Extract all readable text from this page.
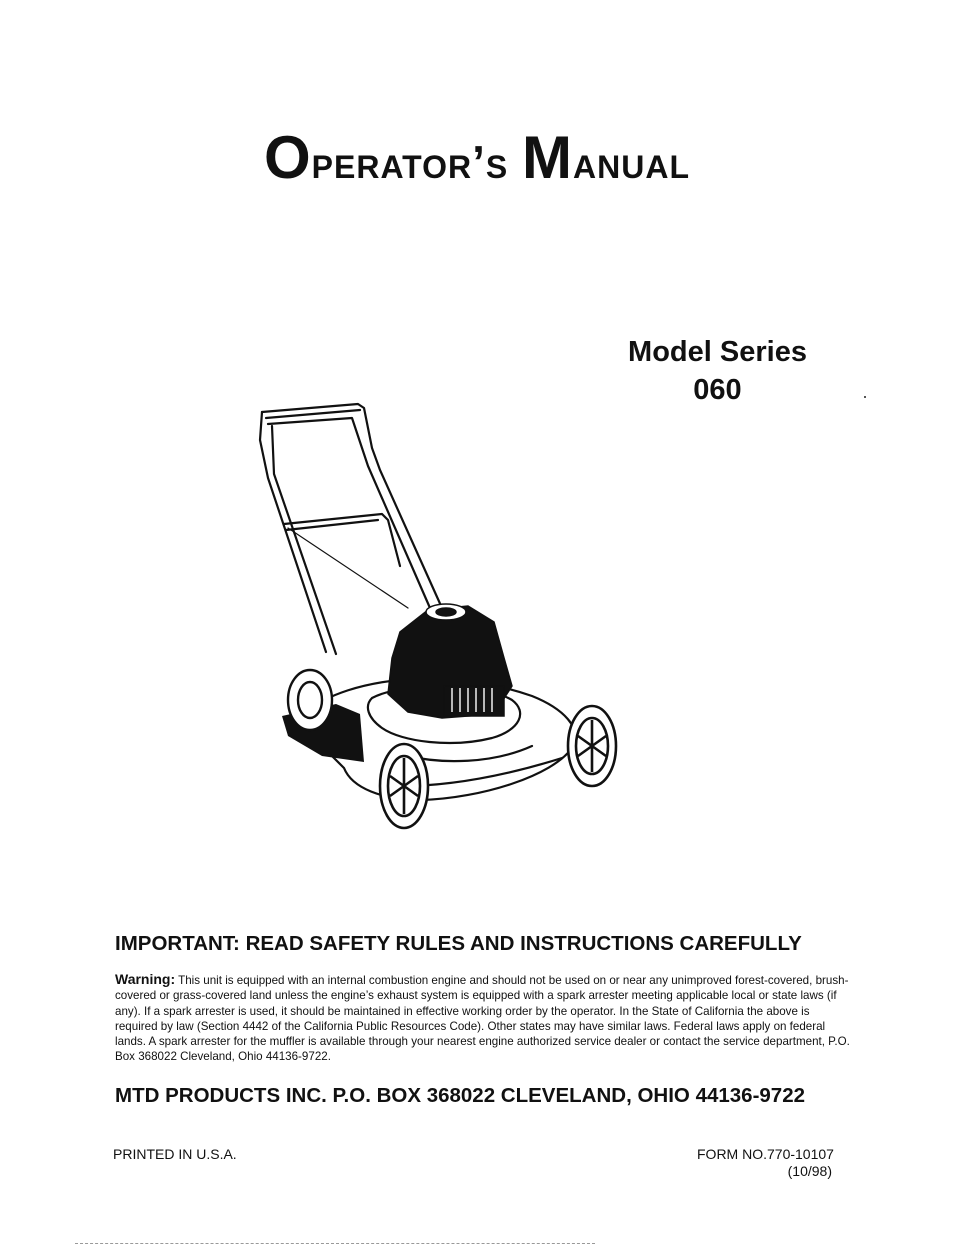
Operator’s Manual
Model Series
060
IMPORTANT: READ SAFETY RULES AND INSTRUCTIONS CAREFULLY
Warning: This unit is equipped with an internal combustion engine and should not be used on or near any unimproved forest-covered, brush-covered or grass-covered land unless the engine’s exhaust system is equipped with a spark arrester meeting applicable local or state laws (if any). If a spark arrester is used, it should be maintained in effective working order by the operator. In the State of California the above is required by law (Section 4442 of the California Public Resources Code). Other states may have similar laws. Federal laws apply on federal lands. A spark arrester for the muffler is available through your nearest engine authorized service dealer or contact the service department, P.O. Box 368022 Cleveland, Ohio 44136-9722.
MTD PRODUCTS INC. P.O. BOX 368022 CLEVELAND, OHIO 44136-9722
PRINTED IN U.S.A.	FORM NO.770-10107
(10/98)
